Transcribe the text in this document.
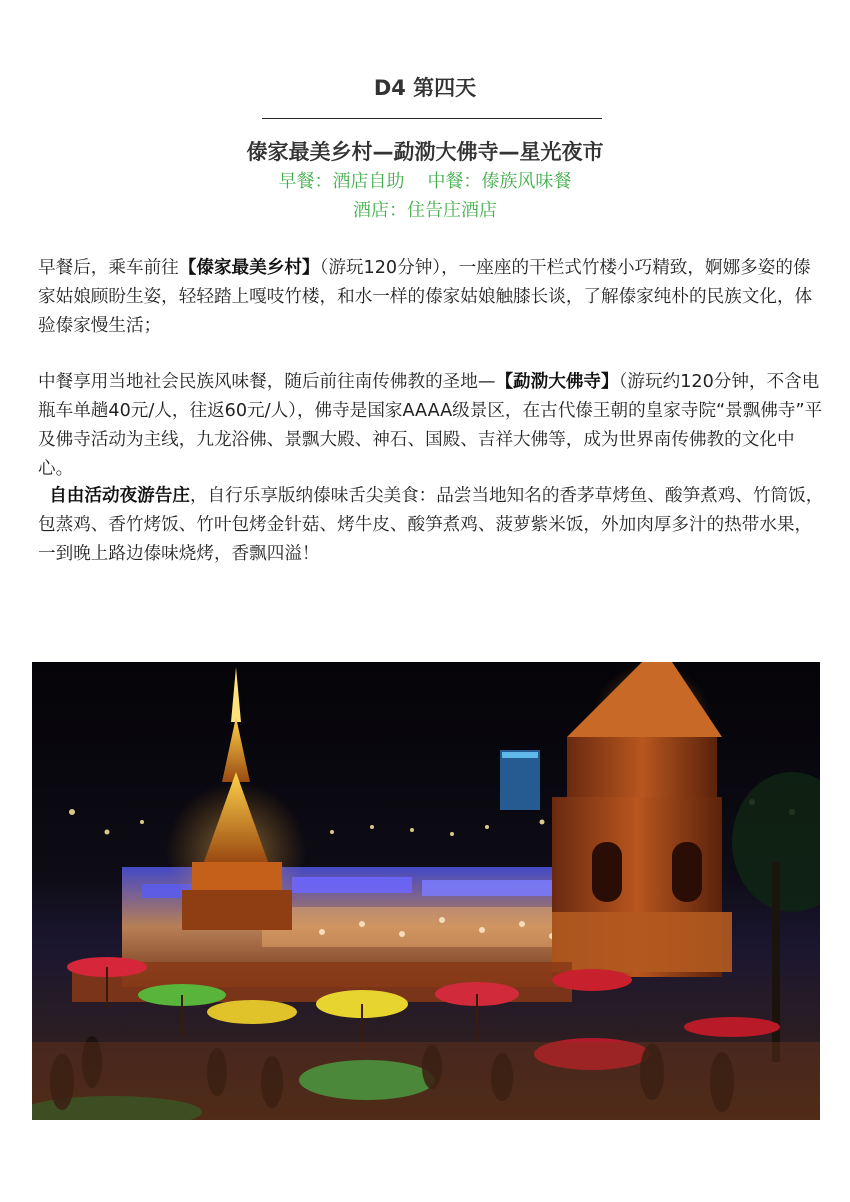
D4 第四天
傣家最美乡村—勐泐大佛寺—星光夜市
早餐：酒店自助 中餐：傣族风味餐
酒店：住告庄酒店
早餐后，乘车前往【傣家最美乡村】（游玩120分钟），一座座的干栏式竹楼小巧精致，婀娜多姿的傣家姑娘顾盼生姿，轻轻踏上嘎吱竹楼，和水一样的傣家姑娘触膝长谈，了解傣家纯朴的民族文化，体验傣家慢生活；
中餐享用当地社会民族风味餐，随后前往南传佛教的圣地—【勐泐大佛寺】（游玩约120分钟，不含电瓶车单趟40元/人，往返60元/人），佛寺是国家AAAA级景区，在古代傣王朝的皇家寺院“景飘佛寺”平及佛寺活动为主线，九龙浴佛、景飘大殿、神石、国殿、吉祥大佛等，成为世界南传佛教的文化中心。
自由活动夜游告庄，自行乐享版纳傣味舌尖美食：品尝当地知名的香茅草烤鱼、酸笋煮鸡、竹筒饭，包蒸鸡、香竹烤饭、竹叶包烤金针菇、烤牛皮、酸笋煮鸡、菠萝紫米饭，外加肉厚多汁的热带水果，一到晚上路边傣味烧烤，香飘四溢！
